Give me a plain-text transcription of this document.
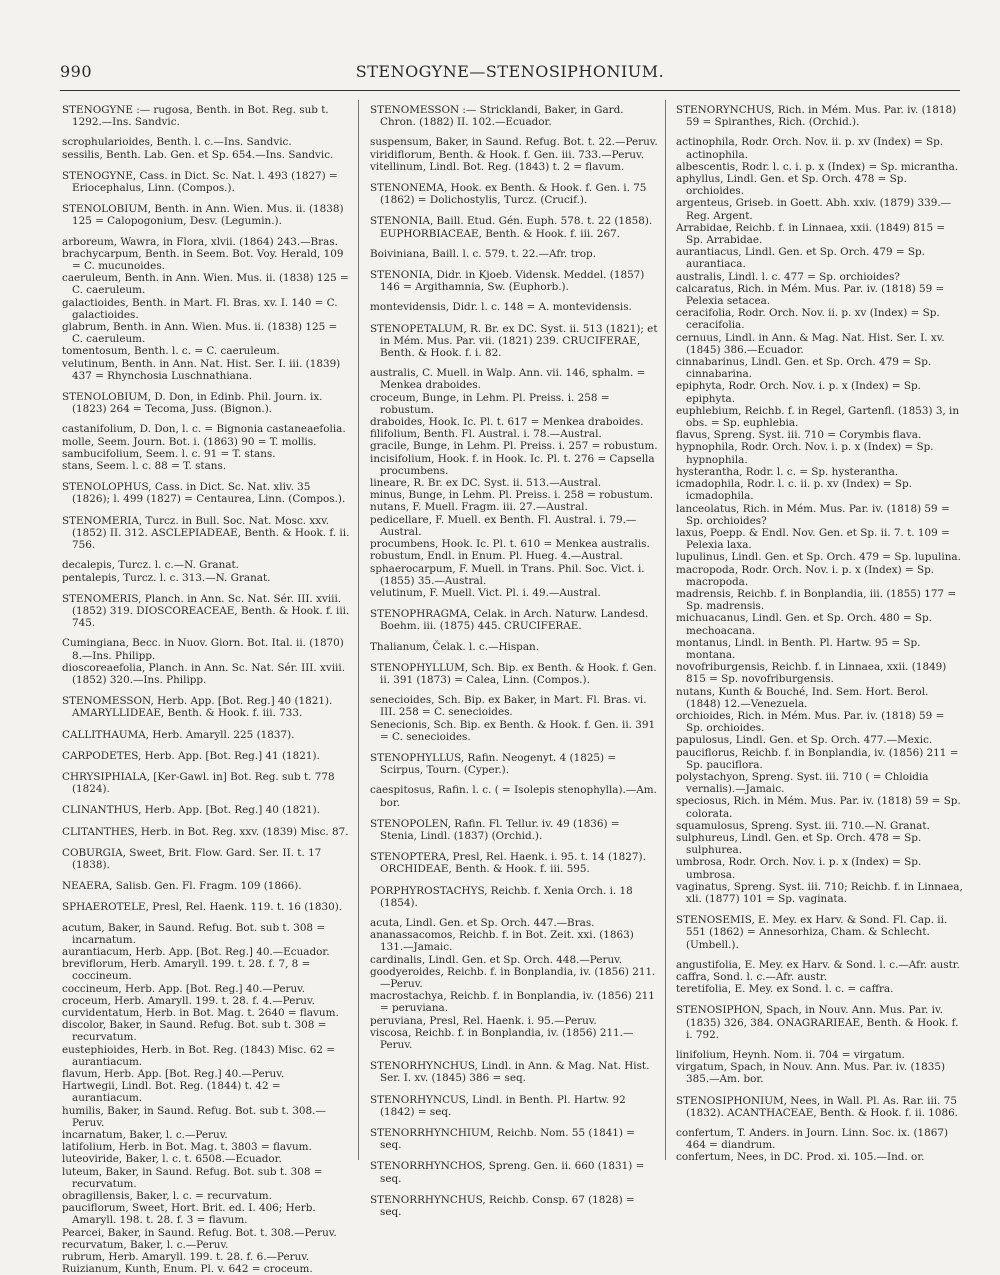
990	STENOGYNE—STENOSIPHONIUM.

STENOGYNE :— rugosa, Benth. in Bot. Reg. sub t. 1292.—Ins. Sandvic.

scrophularioides, Benth. l. c.—Ins. Sandvic.

sessilis, Benth. Lab. Gen. et Sp. 654.—Ins. Sandvic.

STENOGYNE, Cass. in Dict. Sc. Nat. l. 493 (1827) = Eriocephalus, Linn. (Compos.).

STENOLOBIUM, Benth. in Ann. Wien. Mus. ii. (1838) 125 = Calopogonium, Desv. (Legumin.).

arboreum, Wawra, in Flora, xlvii. (1864) 243.—Bras.

brachycarpum, Benth. in Seem. Bot. Voy. Herald, 109 = C. mucunoides.

caeruleum, Benth. in Ann. Wien. Mus. ii. (1838) 125 = C. caeruleum.

galactioides, Benth. in Mart. Fl. Bras. xv. I. 140 = C. galactioides.

glabrum, Benth. in Ann. Wien. Mus. ii. (1838) 125 = C. caeruleum.

tomentosum, Benth. l. c. = C. caeruleum.

velutinum, Benth. in Ann. Nat. Hist. Ser. I. iii. (1839) 437 = Rhynchosia Luschnathiana.

STENOLOBIUM, D. Don, in Edinb. Phil. Journ. ix. (1823) 264 = Tecoma, Juss. (Bignon.).

castanifolium, D. Don, l. c. = Bignonia castaneaefolia.

molle, Seem. Journ. Bot. i. (1863) 90 = T. mollis.

sambucifolium, Seem. l. c. 91 = T. stans.

stans, Seem. l. c. 88 = T. stans.

STENOLOPHUS, Cass. in Dict. Sc. Nat. xliv. 35 (1826); l. 499 (1827) = Centaurea, Linn. (Compos.).

STENOMERIA, Turcz. in Bull. Soc. Nat. Mosc. xxv. (1852) II. 312. ASCLEPIADEAE, Benth. & Hook. f. ii. 756.

decalepis, Turcz. l. c.—N. Granat.

pentalepis, Turcz. l. c. 313.—N. Granat.

STENOMERIS, Planch. in Ann. Sc. Nat. Sér. III. xviii. (1852) 319. DIOSCOREACEAE, Benth. & Hook. f. iii. 745.

Cumingiana, Becc. in Nuov. Giorn. Bot. Ital. ii. (1870) 8.—Ins. Philipp.

dioscoreaefolia, Planch. in Ann. Sc. Nat. Sér. III. xviii. (1852) 320.—Ins. Philipp.

STENOMESSON, Herb. App. [Bot. Reg.] 40 (1821). AMARYLLIDEAE, Benth. & Hook. f. iii. 733.

CALLITHAUMA, Herb. Amaryll. 225 (1837).

CARPODETES, Herb. App. [Bot. Reg.] 41 (1821).

CHRYSIPHIALA, [Ker-Gawl. in] Bot. Reg. sub t. 778 (1824).

CLINANTHUS, Herb. App. [Bot. Reg.] 40 (1821).

CLITANTHES, Herb. in Bot. Reg. xxv. (1839) Misc. 87.

COBURGIA, Sweet, Brit. Flow. Gard. Ser. II. t. 17 (1838).

NEAERA, Salisb. Gen. Fl. Fragm. 109 (1866).

SPHAEROTELE, Presl, Rel. Haenk. 119. t. 16 (1830).

acutum, Baker, in Saund. Refug. Bot. sub t. 308 = incarnatum.

aurantiacum, Herb. App. [Bot. Reg.] 40.—Ecuador.

breviflorum, Herb. Amaryll. 199. t. 28. f. 7, 8 = coccineum.

coccineum, Herb. App. [Bot. Reg.] 40.—Peruv.

croceum, Herb. Amaryll. 199. t. 28. f. 4.—Peruv.

curvidentatum, Herb. in Bot. Mag. t. 2640 = flavum.

discolor, Baker, in Saund. Refug. Bot. sub t. 308 = recurvatum.

eustephioides, Herb. in Bot. Reg. (1843) Misc. 62 = aurantiacum.

flavum, Herb. App. [Bot. Reg.] 40.—Peruv.

Hartwegii, Lindl. Bot. Reg. (1844) t. 42 = aurantiacum.

humilis, Baker, in Saund. Refug. Bot. sub t. 308.—Peruv.

incarnatum, Baker, l. c.—Peruv.

latifolium, Herb. in Bot. Mag. t. 3803 = flavum.

luteoviride, Baker, l. c. t. 6508.—Ecuador.

luteum, Baker, in Saund. Refug. Bot. sub t. 308 = recurvatum.

obragillensis, Baker, l. c. = recurvatum.

pauciflorum, Sweet, Hort. Brit. ed. I. 406; Herb. Amaryll. 198. t. 28. f. 3 = flavum.

Pearcei, Baker, in Saund. Refug. Bot. t. 308.—Peruv.

recurvatum, Baker, l. c.—Peruv.

rubrum, Herb. Amaryll. 199. t. 28. f. 6.—Peruv.

Ruizianum, Kunth, Enum. Pl. v. 642 = croceum.

STENOMESSON :— Stricklandi, Baker, in Gard. Chron. (1882) II. 102.—Ecuador.

suspensum, Baker, in Saund. Refug. Bot. t. 22.—Peruv.

viridiflorum, Benth. & Hook. f. Gen. iii. 733.—Peruv.

vitellinum, Lindl. Bot. Reg. (1843) t. 2 = flavum.

STENONEMA, Hook. ex Benth. & Hook. f. Gen. i. 75 (1862) = Dolichostylis, Turcz. (Crucif.).

STENONIA, Baill. Etud. Gén. Euph. 578. t. 22 (1858). EUPHORBIACEAE, Benth. & Hook. f. iii. 267.

Boiviniana, Baill. l. c. 579. t. 22.—Afr. trop.

STENONIA, Didr. in Kjoeb. Vidensk. Meddel. (1857) 146 = Argithamnia, Sw. (Euphorb.).

montevidensis, Didr. l. c. 148 = A. montevidensis.

STENOPETALUM, R. Br. ex DC. Syst. ii. 513 (1821); et in Mém. Mus. Par. vii. (1821) 239. CRUCIFERAE, Benth. & Hook. f. i. 82.

australis, C. Muell. in Walp. Ann. vii. 146, sphalm. = Menkea draboides.

croceum, Bunge, in Lehm. Pl. Preiss. i. 258 = robustum.

draboides, Hook. Ic. Pl. t. 617 = Menkea draboides.

filifolium, Benth. Fl. Austral. i. 78.—Austral.

gracile, Bunge, in Lehm. Pl. Preiss. i. 257 = robustum.

incisifolium, Hook. f. in Hook. Ic. Pl. t. 276 = Capsella procumbens.

lineare, R. Br. ex DC. Syst. ii. 513.—Austral.

minus, Bunge, in Lehm. Pl. Preiss. i. 258 = robustum.

nutans, F. Muell. Fragm. iii. 27.—Austral.

pedicellare, F. Muell. ex Benth. Fl. Austral. i. 79.—Austral.

procumbens, Hook. Ic. Pl. t. 610 = Menkea australis.

robustum, Endl. in Enum. Pl. Hueg. 4.—Austral.

sphaerocarpum, F. Muell. in Trans. Phil. Soc. Vict. i. (1855) 35.—Austral.

velutinum, F. Muell. Vict. Pl. i. 49.—Austral.

STENOPHRAGMA, Celak. in Arch. Naturw. Landesd. Boehm. iii. (1875) 445. CRUCIFERAE.

Thalianum, Čelak. l. c.—Hispan.

STENOPHYLLUM, Sch. Bip. ex Benth. & Hook. f. Gen. ii. 391 (1873) = Calea, Linn. (Compos.).

senecioides, Sch. Bip. ex Baker, in Mart. Fl. Bras. vi. III. 258 = C. senecioides.

Senecionis, Sch. Bip. ex Benth. & Hook. f. Gen. ii. 391 = C. senecioides.

STENOPHYLLUS, Rafin. Neogenyt. 4 (1825) = Scirpus, Tourn. (Cyper.).

caespitosus, Rafin. l. c. ( = Isolepis stenophylla).—Am. bor.

STENOPOLEN, Rafin. Fl. Tellur. iv. 49 (1836) = Stenia, Lindl. (1837) (Orchid.).

STENOPTERA, Presl, Rel. Haenk. i. 95. t. 14 (1827). ORCHIDEAE, Benth. & Hook. f. iii. 595.

PORPHYROSTACHYS, Reichb. f. Xenia Orch. i. 18 (1854).

acuta, Lindl. Gen. et Sp. Orch. 447.—Bras.

ananassacomos, Reichb. f. in Bot. Zeit. xxi. (1863) 131.—Jamaic.

cardinalis, Lindl. Gen. et Sp. Orch. 448.—Peruv.

goodyeroides, Reichb. f. in Bonplandia, iv. (1856) 211.—Peruv.

macrostachya, Reichb. f. in Bonplandia, iv. (1856) 211 = peruviana.

peruviana, Presl, Rel. Haenk. i. 95.—Peruv.

viscosa, Reichb. f. in Bonplandia, iv. (1856) 211.—Peruv.

STENORHYNCHUS, Lindl. in Ann. & Mag. Nat. Hist. Ser. I. xv. (1845) 386 = seq.

STENORHYNCUS, Lindl. in Benth. Pl. Hartw. 92 (1842) = seq.

STENORRHYNCHIUM, Reichb. Nom. 55 (1841) = seq.

STENORRHYNCHOS, Spreng. Gen. ii. 660 (1831) = seq.

STENORRHYNCHUS, Reichb. Consp. 67 (1828) = seq.

STENORYNCHUS, Rich. in Mém. Mus. Par. iv. (1818) 59 = Spiranthes, Rich. (Orchid.).

actinophila, Rodr. Orch. Nov. ii. p. xv (Index) = Sp. actinophila.

albescentis, Rodr. l. c. i. p. x (Index) = Sp. micrantha.

aphyllus, Lindl. Gen. et Sp. Orch. 478 = Sp. orchioides.

argenteus, Griseb. in Goett. Abh. xxiv. (1879) 339.—Reg. Argent.

Arrabidae, Reichb. f. in Linnaea, xxii. (1849) 815 = Sp. Arrabidae.

aurantiacus, Lindl. Gen. et Sp. Orch. 479 = Sp. aurantiaca.

australis, Lindl. l. c. 477 = Sp. orchioides?

calcaratus, Rich. in Mém. Mus. Par. iv. (1818) 59 = Pelexia setacea.

ceracifolia, Rodr. Orch. Nov. ii. p. xv (Index) = Sp. ceracifolia.

cernuus, Lindl. in Ann. & Mag. Nat. Hist. Ser. I. xv. (1845) 386.—Ecuador.

cinnabarinus, Lindl. Gen. et Sp. Orch. 479 = Sp. cinnabarina.

epiphyta, Rodr. Orch. Nov. i. p. x (Index) = Sp. epiphyta.

euphlebium, Reichb. f. in Regel, Gartenfl. (1853) 3, in obs. = Sp. euphlebia.

flavus, Spreng. Syst. iii. 710 = Corymbis flava.

hypnophila, Rodr. Orch. Nov. i. p. x (Index) = Sp. hypnophila.

hysterantha, Rodr. l. c. = Sp. hysterantha.

icmadophila, Rodr. l. c. ii. p. xv (Index) = Sp. icmadophila.

lanceolatus, Rich. in Mém. Mus. Par. iv. (1818) 59 = Sp. orchioides?

laxus, Poepp. & Endl. Nov. Gen. et Sp. ii. 7. t. 109 = Pelexia laxa.

lupulinus, Lindl. Gen. et Sp. Orch. 479 = Sp. lupulina.

macropoda, Rodr. Orch. Nov. i. p. x (Index) = Sp. macropoda.

madrensis, Reichb. f. in Bonplandia, iii. (1855) 177 = Sp. madrensis.

michuacanus, Lindl. Gen. et Sp. Orch. 480 = Sp. mechoacana.

montanus, Lindl. in Benth. Pl. Hartw. 95 = Sp. montana.

novofriburgensis, Reichb. f. in Linnaea, xxii. (1849) 815 = Sp. novofriburgensis.

nutans, Kunth & Bouché, Ind. Sem. Hort. Berol. (1848) 12.—Venezuela.

orchioides, Rich. in Mém. Mus. Par. iv. (1818) 59 = Sp. orchioides.

papulosus, Lindl. Gen. et Sp. Orch. 477.—Mexic.

pauciflorus, Reichb. f. in Bonplandia, iv. (1856) 211 = Sp. pauciflora.

polystachyon, Spreng. Syst. iii. 710 ( = Chloidia vernalis).—Jamaic.

speciosus, Rich. in Mém. Mus. Par. iv. (1818) 59 = Sp. colorata.

squamulosus, Spreng. Syst. iii. 710.—N. Granat.

sulphureus, Lindl. Gen. et Sp. Orch. 478 = Sp. sulphurea.

umbrosa, Rodr. Orch. Nov. i. p. x (Index) = Sp. umbrosa.

vaginatus, Spreng. Syst. iii. 710; Reichb. f. in Linnaea, xli. (1877) 101 = Sp. vaginata.

STENOSEMIS, E. Mey. ex Harv. & Sond. Fl. Cap. ii. 551 (1862) = Annesorhiza, Cham. & Schlecht. (Umbell.).

angustifolia, E. Mey. ex Harv. & Sond. l. c.—Afr. austr.

caffra, Sond. l. c.—Afr. austr.

teretifolia, E. Mey. ex Sond. l. c. = caffra.

STENOSIPHON, Spach, in Nouv. Ann. Mus. Par. iv. (1835) 326, 384. ONAGRARIEAE, Benth. & Hook. f. i. 792.

linifolium, Heynh. Nom. ii. 704 = virgatum.

virgatum, Spach, in Nouv. Ann. Mus. Par. iv. (1835) 385.—Am. bor.

STENOSIPHONIUM, Nees, in Wall. Pl. As. Rar. iii. 75 (1832). ACANTHACEAE, Benth. & Hook. f. ii. 1086.

confertum, T. Anders. in Journ. Linn. Soc. ix. (1867) 464 = diandrum.

confertum, Nees, in DC. Prod. xi. 105.—Ind. or.
